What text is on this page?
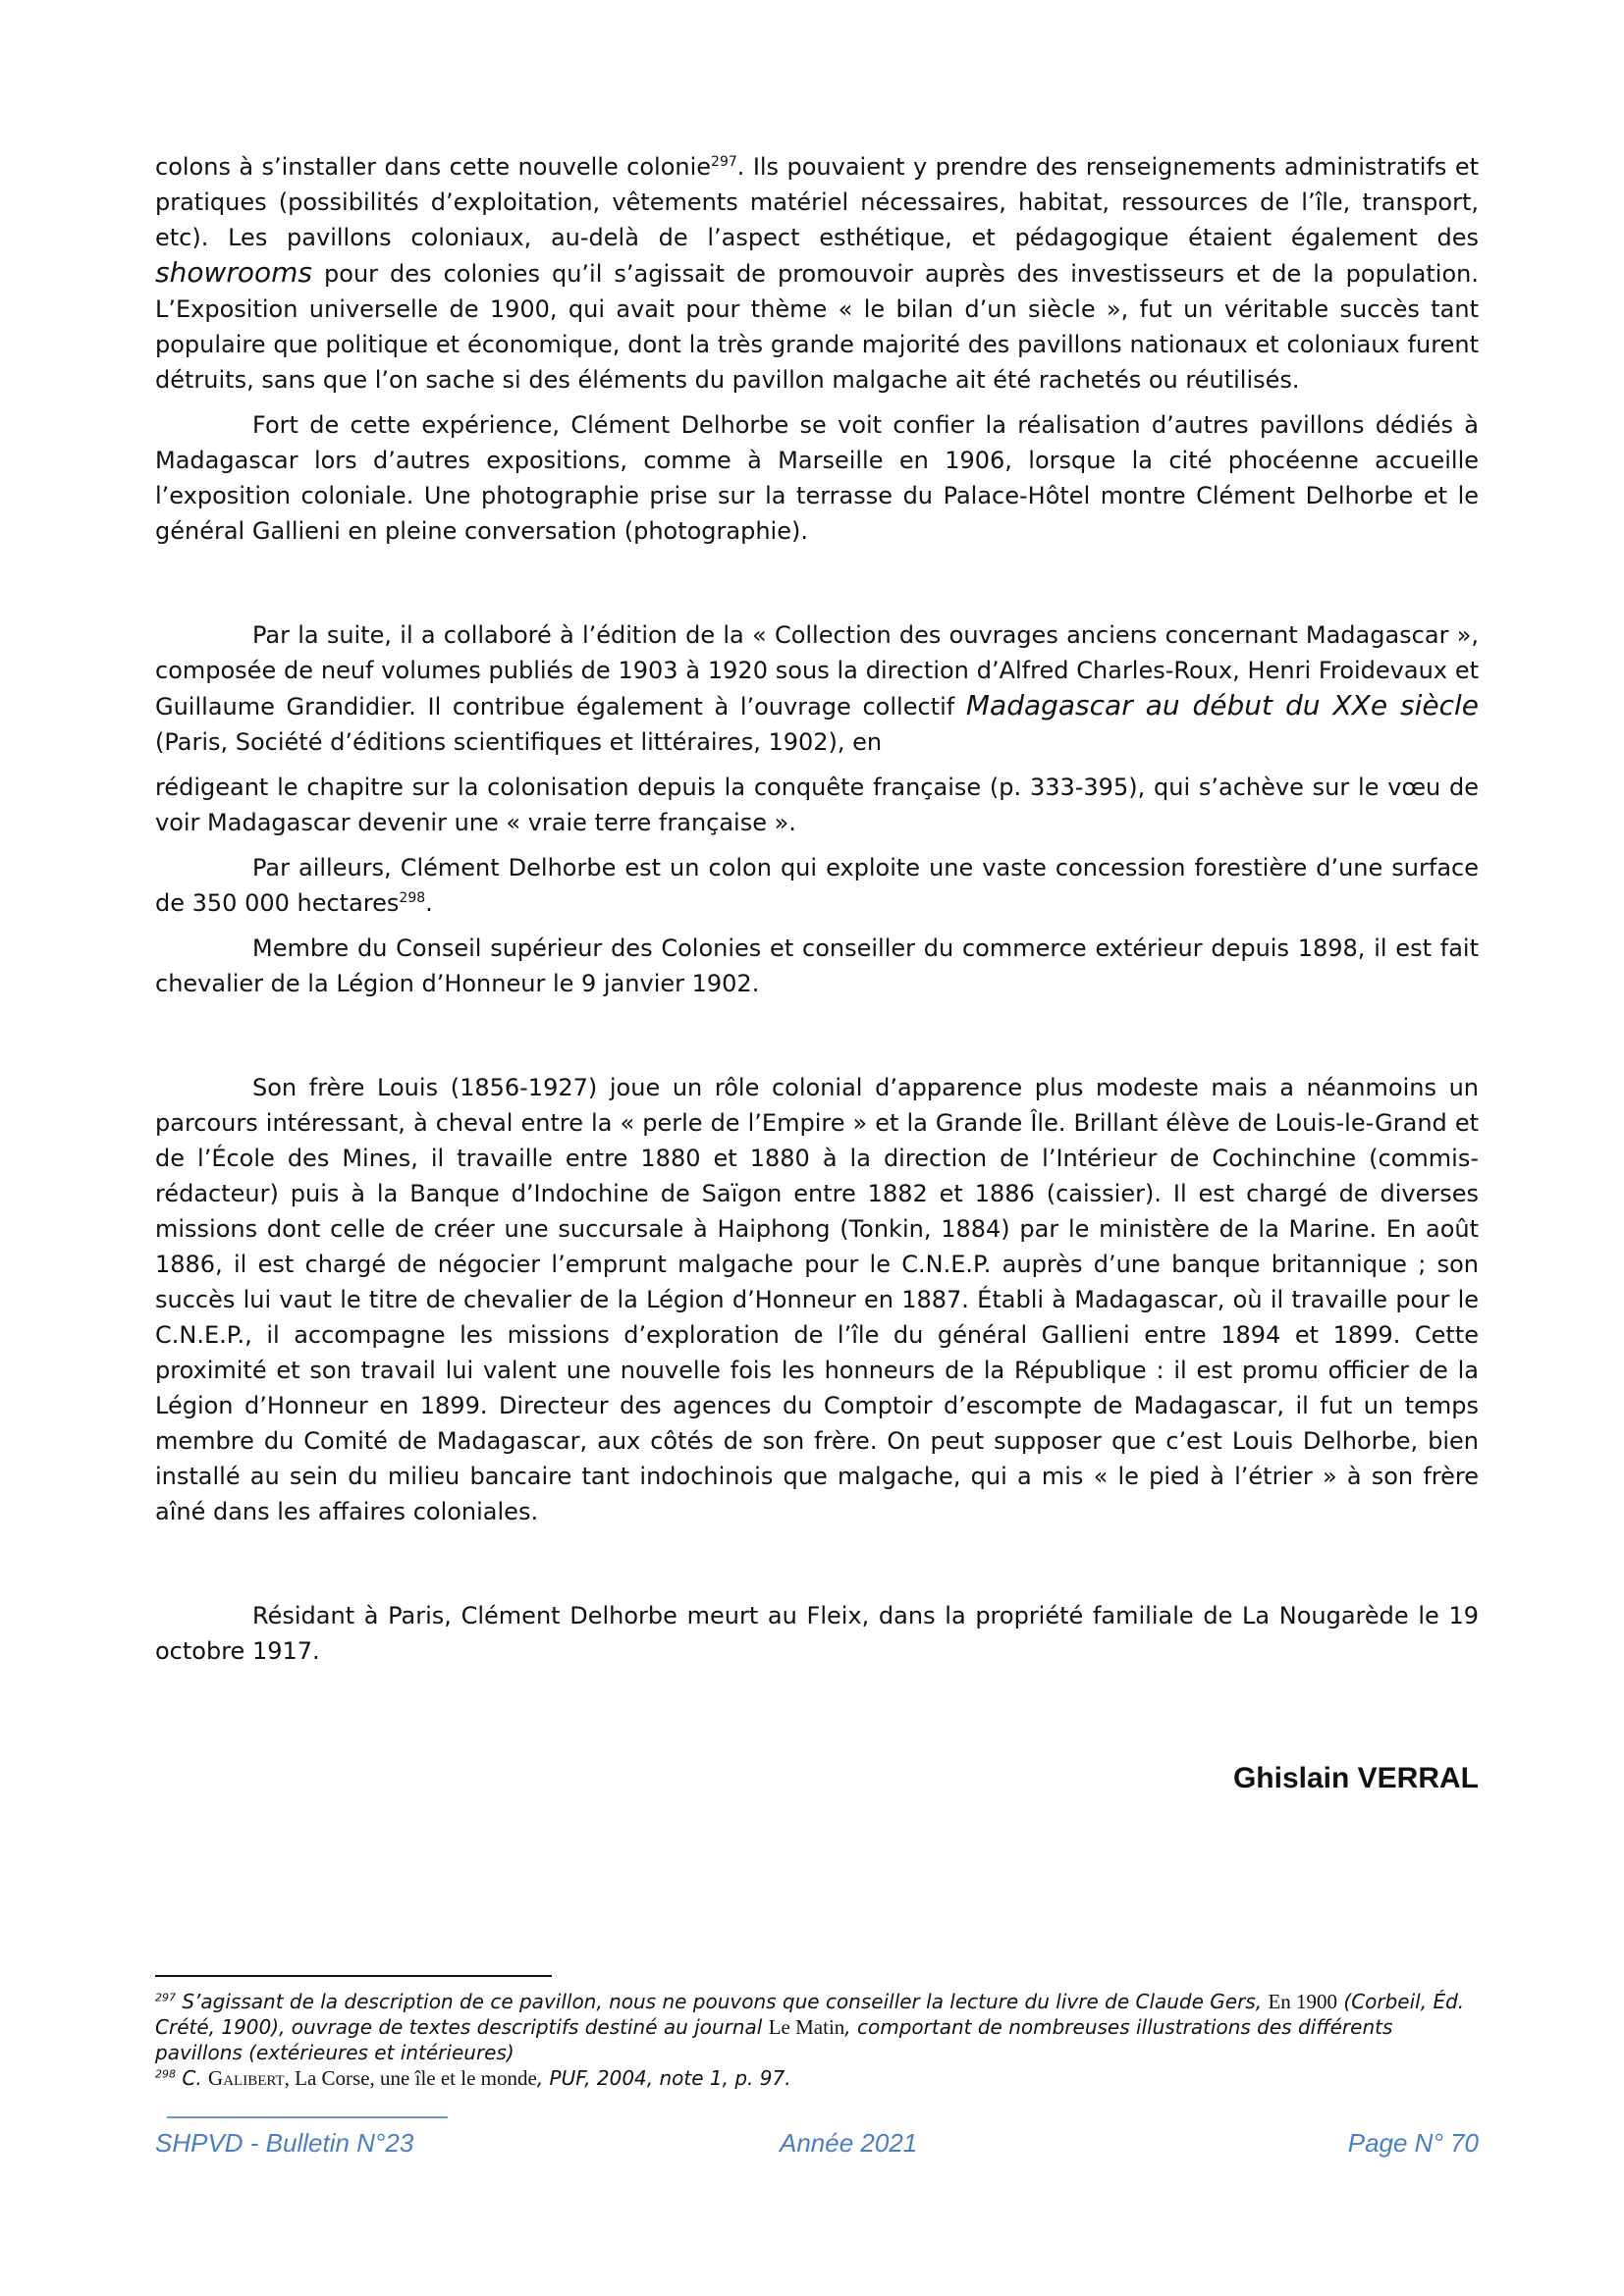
colons à s’installer dans cette nouvelle colonie$^{297}$. Ils pouvaient y prendre des renseignements administratifs et pratiques (possibilités d’exploitation, vêtements matériel nécessaires, habitat, ressources de l’île, transport, etc). Les pavillons coloniaux, au-delà de l’aspect esthétique, et pédagogique étaient également des showrooms pour des colonies qu’il s’agissait de promouvoir auprès des investisseurs et de la population. L’Exposition universelle de 1900, qui avait pour thème « le bilan d’un siècle », fut un véritable succès tant populaire que politique et économique, dont la très grande majorité des pavillons nationaux et coloniaux furent détruits, sans que l’on sache si des éléments du pavillon malgache ait été rachetés ou réutilisés.

Fort de cette expérience, Clément Delhorbe se voit confier la réalisation d’autres pavillons dédiés à Madagascar lors d’autres expositions, comme à Marseille en 1906, lorsque la cité phocéenne accueille l’exposition coloniale. Une photographie prise sur la terrasse du Palace-Hôtel montre Clément Delhorbe et le général Gallieni en pleine conversation (photographie).

Par la suite, il a collaboré à l’édition de la « Collection des ouvrages anciens concernant Madagascar », composée de neuf volumes publiés de 1903 à 1920 sous la direction d’Alfred Charles-Roux, Henri Froidevaux et Guillaume Grandidier. Il contribue également à l’ouvrage collectif Madagascar au début du XXe siècle (Paris, Société d’éditions scientifiques et littéraires, 1902), en

rédigeant le chapitre sur la colonisation depuis la conquête française (p. 333-395), qui s’achève sur le vœu de voir Madagascar devenir une « vraie terre française ».

Par ailleurs, Clément Delhorbe est un colon qui exploite une vaste concession forestière d’une surface de 350 000 hectares$^{298}$.

Membre du Conseil supérieur des Colonies et conseiller du commerce extérieur depuis 1898, il est fait chevalier de la Légion d’Honneur le 9 janvier 1902.

Son frère Louis (1856-1927) joue un rôle colonial d’apparence plus modeste mais a néanmoins un parcours intéressant, à cheval entre la « perle de l’Empire » et la Grande Île. Brillant élève de Louis-le-Grand et de l’École des Mines, il travaille entre 1880 et 1880 à la direction de l’Intérieur de Cochinchine (commis-rédacteur) puis à la Banque d’Indochine de Saïgon entre 1882 et 1886 (caissier). Il est chargé de diverses missions dont celle de créer une succursale à Haiphong (Tonkin, 1884) par le ministère de la Marine. En août 1886, il est chargé de négocier l’emprunt malgache pour le C.N.E.P. auprès d’une banque britannique ; son succès lui vaut le titre de chevalier de la Légion d’Honneur en 1887. Établi à Madagascar, où il travaille pour le C.N.E.P., il accompagne les missions d’exploration de l’île du général Gallieni entre 1894 et 1899. Cette proximité et son travail lui valent une nouvelle fois les honneurs de la République : il est promu officier de la Légion d’Honneur en 1899. Directeur des agences du Comptoir d’escompte de Madagascar, il fut un temps membre du Comité de Madagascar, aux côtés de son frère. On peut supposer que c’est Louis Delhorbe, bien installé au sein du milieu bancaire tant indochinois que malgache, qui a mis « le pied à l’étrier » à son frère aîné dans les affaires coloniales.

Résidant à Paris, Clément Delhorbe meurt au Fleix, dans la propriété familiale de La Nougarède le 19 octobre 1917.

Ghislain VERRAL

$^{297}$ S’agissant de la description de ce pavillon, nous ne pouvons que conseiller la lecture du livre de Claude Gers, En 1900 (Corbeil, Éd. Crété, 1900), ouvrage de textes descriptifs destiné au journal Le Matin, comportant de nombreuses illustrations des différents pavillons (extérieures et intérieures)

$^{298}$ C. Galibert, La Corse, une île et le monde, PUF, 2004, note 1, p. 97.

SHPVD - Bulletin N°23	Année 2021	Page N° 70
